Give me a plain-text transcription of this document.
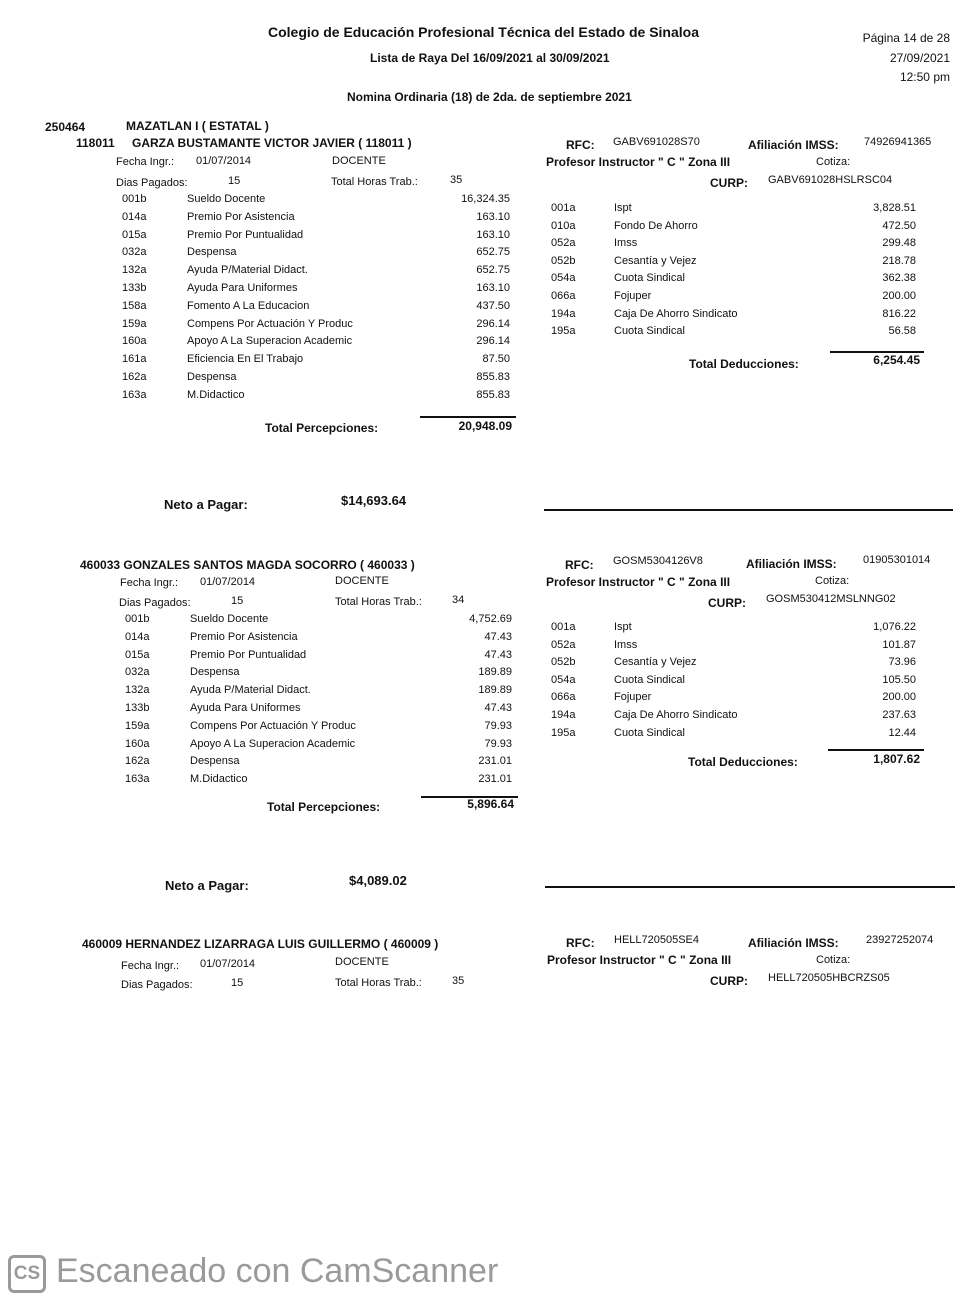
Colegio de Educación Profesional Técnica del Estado de Sinaloa
Lista de Raya Del 16/09/2021 al 30/09/2021
Nomina Ordinaria (18) de 2da. de septiembre 2021
Página 14 de 28
27/09/2021
12:50 pm
250464	MAZATLAN I ( ESTATAL )
118011 GARZA BUSTAMANTE VICTOR JAVIER ( 118011 )
Fecha Ingr.: 01/07/2014	DOCENTE
Dias Pagados:	15	Total Horas Trab.:	35
RFC: GABV691028S70	Afiliación IMSS: 74926941365
Profesor Instructor " C " Zona III	Cotiza:
CURP: GABV691028HSLRSC04
001b	Sueldo Docente	16,324.35
014a	Premio Por Asistencia	163.10
015a	Premio Por Puntualidad	163.10
032a	Despensa	652.75
132a	Ayuda P/Material Didact.	652.75
133b	Ayuda Para Uniformes	163.10
158a	Fomento A La Educacion	437.50
159a	Compens Por Actuación Y Produc	296.14
160a	Apoyo A La Superacion Academic	296.14
161a	Eficiencia En El Trabajo	87.50
162a	Despensa	855.83
163a	M.Didactico	855.83
Total Percepciones:	20,948.09
001a	Ispt	3,828.51
010a	Fondo De Ahorro	472.50
052a	Imss	299.48
052b	Cesantía y Vejez	218.78
054a	Cuota Sindical	362.38
066a	Fojuper	200.00
194a	Caja De Ahorro Sindicato	816.22
195a	Cuota Sindical	56.58
Total Deducciones:	6,254.45
Neto a Pagar:	$14,693.64
460033 GONZALES SANTOS MAGDA SOCORRO ( 460033 )
Fecha Ingr.: 01/07/2014	DOCENTE
Dias Pagados:	15	Total Horas Trab.:	34
RFC: GOSM5304126V8	Afiliación IMSS: 01905301014
Profesor Instructor " C " Zona III	Cotiza:
CURP: GOSM530412MSLNNG02
001b	Sueldo Docente	4,752.69
014a	Premio Por Asistencia	47.43
015a	Premio Por Puntualidad	47.43
032a	Despensa	189.89
132a	Ayuda P/Material Didact.	189.89
133b	Ayuda Para Uniformes	47.43
159a	Compens Por Actuación Y Produc	79.93
160a	Apoyo A La Superacion Academic	79.93
162a	Despensa	231.01
163a	M.Didactico	231.01
Total Percepciones:	5,896.64
001a	Ispt	1,076.22
052a	Imss	101.87
052b	Cesantía y Vejez	73.96
054a	Cuota Sindical	105.50
066a	Fojuper	200.00
194a	Caja De Ahorro Sindicato	237.63
195a	Cuota Sindical	12.44
Total Deducciones:	1,807.62
Neto a Pagar:	$4,089.02
460009 HERNANDEZ LIZARRAGA LUIS GUILLERMO ( 460009 )
Fecha Ingr.: 01/07/2014	DOCENTE
Dias Pagados:	15	Total Horas Trab.:	35
RFC: HELL720505SE4	Afiliación IMSS: 23927252074
Profesor Instructor " C " Zona III	Cotiza:
CURP: HELL720505HBCRZS05
CS Escaneado con CamScanner
